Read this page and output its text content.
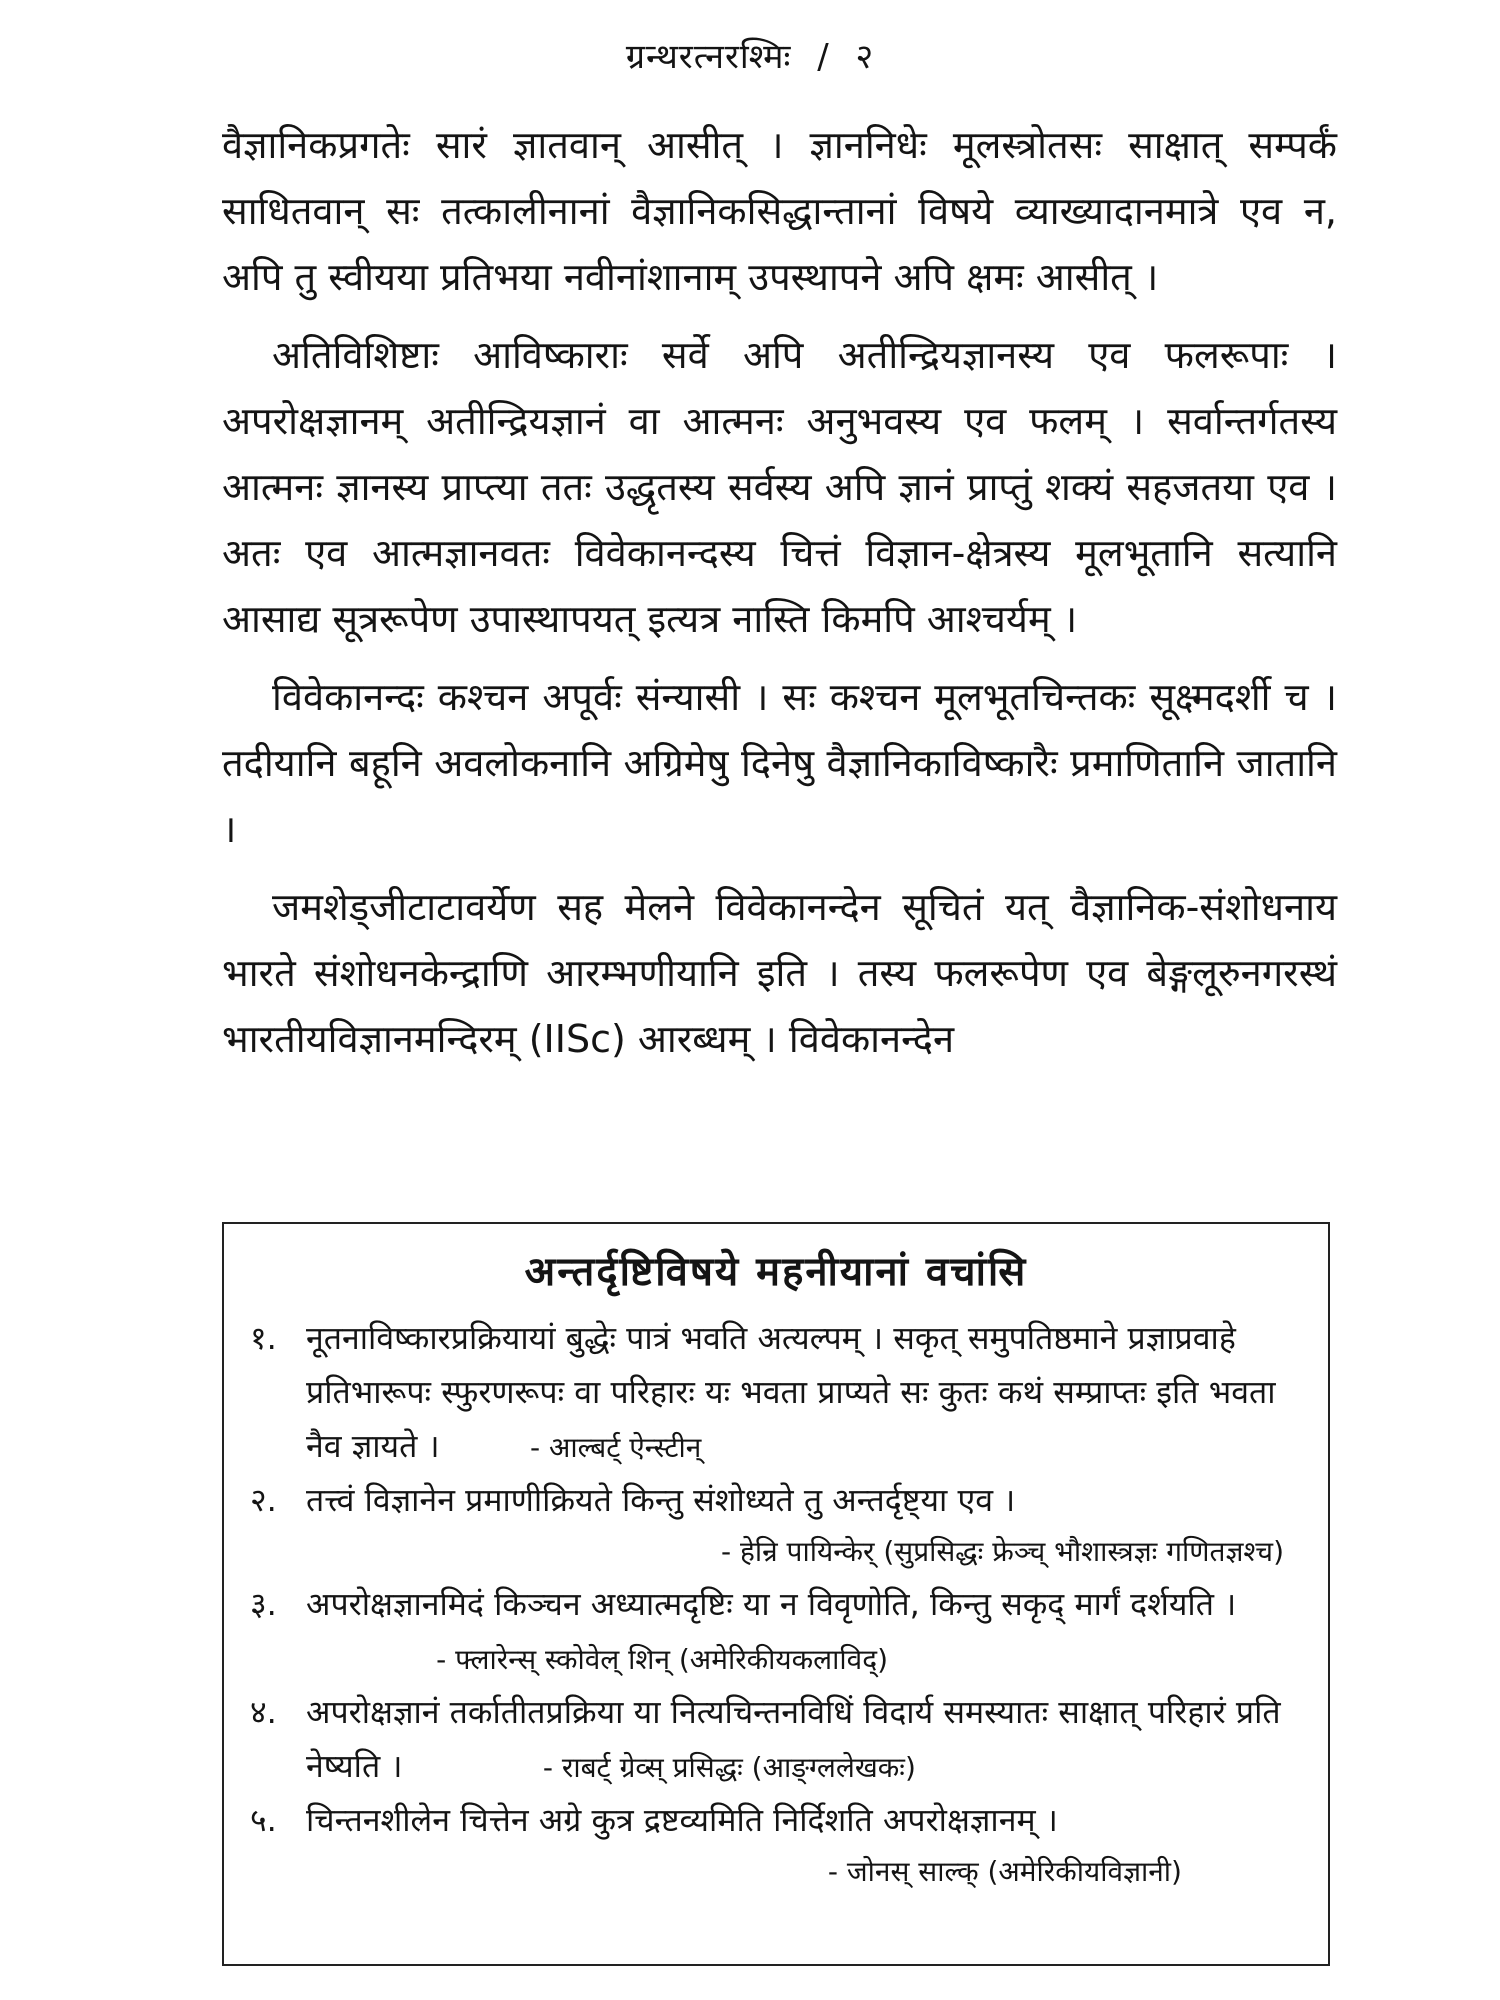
ग्रन्थरत्नरश्मिः / २

वैज्ञानिकप्रगतेः सारं ज्ञातवान् आसीत् । ज्ञाननिधेः मूलस्त्रोतसः साक्षात् सम्पर्कं साधितवान् सः तत्कालीनानां वैज्ञानिकसिद्धान्तानां विषये व्याख्यादानमात्रे एव न, अपि तु स्वीयया प्रतिभया नवीनांशानाम् उपस्थापने अपि क्षमः आसीत् ।

अतिविशिष्टाः आविष्काराः सर्वे अपि अतीन्द्रियज्ञानस्य एव फलरूपाः । अपरोक्षज्ञानम् अतीन्द्रियज्ञानं वा आत्मनः अनुभवस्य एव फलम् । सर्वान्तर्गतस्य आत्मनः ज्ञानस्य प्राप्त्या ततः उद्धृतस्य सर्वस्य अपि ज्ञानं प्राप्तुं शक्यं सहजतया एव । अतः एव आत्मज्ञानवतः विवेकानन्दस्य चित्तं विज्ञान-क्षेत्रस्य मूलभूतानि सत्यानि आसाद्य सूत्ररूपेण उपास्थापयत् इत्यत्र नास्ति किमपि आश्चर्यम् ।

विवेकानन्दः कश्चन अपूर्वः संन्यासी । सः कश्चन मूलभूतचिन्तकः सूक्ष्मदर्शी च । तदीयानि बहूनि अवलोकनानि अग्रिमेषु दिनेषु वैज्ञानिकाविष्कारैः प्रमाणितानि जातानि ।

जमशेड्जीटाटावर्येण सह मेलने विवेकानन्देन सूचितं यत् वैज्ञानिक-संशोधनाय भारते संशोधनकेन्द्राणि आरम्भणीयानि इति । तस्य फलरूपेण एव बेङ्गलूरुनगरस्थं भारतीयविज्ञानमन्दिरम् (IISc) आरब्धम् । विवेकानन्देन

अन्तर्दृष्टिविषये महनीयानां वचांसि
१. नूतनाविष्कारप्रक्रियायां बुद्धेः पात्रं भवति अत्यल्पम् । सकृत् समुपतिष्ठमाने प्रज्ञाप्रवाहे प्रतिभारूपः स्फुरणरूपः वा परिहारः यः भवता प्राप्यते सः कुतः कथं सम्प्राप्तः इति भवता नैव ज्ञायते ।	- आल्बर्ट् ऐन्स्टीन्
२. तत्त्वं विज्ञानेन प्रमाणीक्रियते किन्तु संशोध्यते तु अन्तर्दृष्ट्या एव ।
- हेन्रि पायिन्केर् (सुप्रसिद्धः फ्रेञ्च् भौशास्त्रज्ञः गणितज्ञश्च)
३. अपरोक्षज्ञानमिदं किञ्चन अध्यात्मदृष्टिः या न विवृणोति, किन्तु सकृद् मार्गं दर्शयति ।  - फ्लारेन्स् स्कोवेल् शिन् (अमेरिकीयकलाविद्)
४. अपरोक्षज्ञानं तर्कातीतप्रक्रिया या नित्यचिन्तनविधिं विदार्य समस्यातः साक्षात् परिहारं प्रति नेष्यति ।	- राबर्ट् ग्रेव्स् प्रसिद्धः (आङ्ग्ललेखकः)
५. चिन्तनशीलेन चित्तेन अग्रे कुत्र द्रष्टव्यमिति निर्दिशति अपरोक्षज्ञानम् ।
- जोनस् साल्क् (अमेरिकीयविज्ञानी)
